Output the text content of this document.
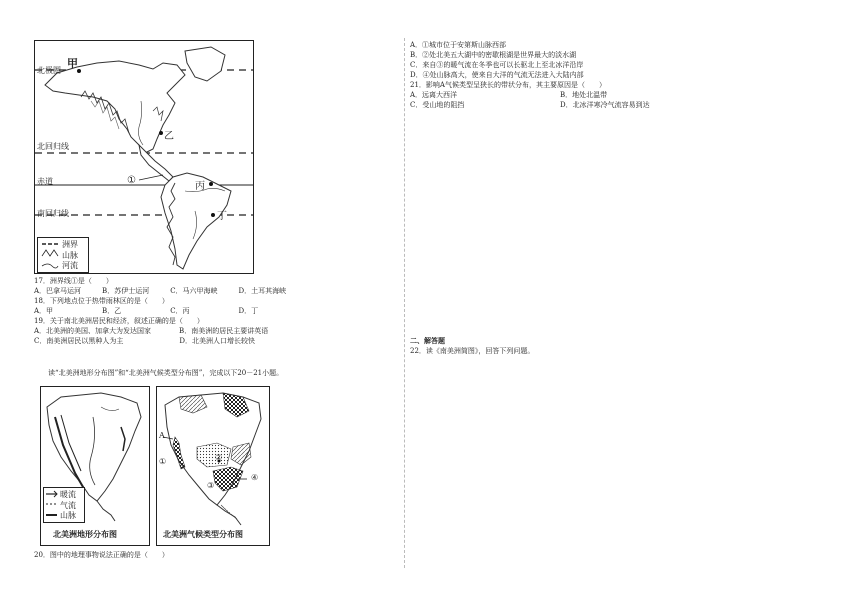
北极圈
北回归线
赤道
南回归线
甲
乙
丙
丁
①
洲界
山脉
河流
17．洲界线①是（　　）
A．巴拿马运河　　　B．苏伊士运河　　　C．马六甲海峡　　　D．土耳其海峡
18．下列地点位于热带雨林区的是（　　）
A．甲　　　　　　　B．乙　　　　　　　C．丙　　　　　　　D．丁
19．关于南北美洲居民和经济，叙述正确的是（　　）
A．北美洲的美国、加拿大为发达国家　　　　B．南美洲的居民主要讲英语
C．南美洲居民以黑种人为主　　　　　　　　D．北美洲人口增长较快
读“北美洲地形分布图”和“北美洲气候类型分布图”，完成以下20－21小题。
暖流
气流
山脉
北美洲地形分布图
A
①	②
③
④
北美洲气候类型分布图
20．图中的地理事物说法正确的是（　　）
A．①城市位于安第斯山脉西部
B．②处北美五大湖中的密歇根湖是世界最大的淡水湖
C．来自③的暖气流在冬季也可以长驱北上至北冰洋沿岸
D．④处山脉高大，使来自大洋的气流无法进入大陆内部
21．影响A气候类型呈狭长的带状分布，其主要原因是（　　）
A．远离大西洋	B．地处北温带
C．受山地的阻挡	D．北冰洋寒冷气流容易到达
二、解答题
22．读《南美洲简图》，回答下列问题。
